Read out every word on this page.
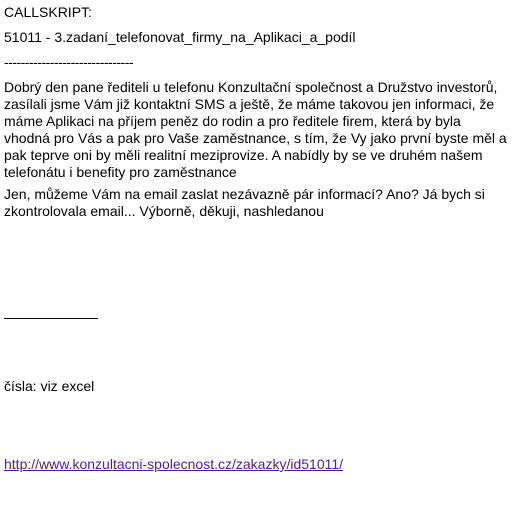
CALLSKRIPT:
51011 - 3.zadaní_telefonovat_firmy_na_Aplikaci_a_podíl
-------------------------------
Dobrý den pane řediteli u telefonu Konzultační společnost a Družstvo investorů, zasílali jsme Vám již kontaktní SMS a ještě, že máme takovou jen informaci, že máme Aplikaci na příjem peněz do rodin a pro ředitele firem, která by byla vhodná pro Vás a pak pro Vaše zaměstnance, s tím, že Vy jako první byste měl a pak teprve oni by měli realitní meziprovize. A nabídly by se ve druhém našem telefonátu i benefity pro zaměstnance
Jen, můžeme Vám na email zaslat nezávazně pár informací? Ano? Já bych si zkontrolovala email... Výborně, děkuji, nashledanou
čísla: viz excel
http://www.konzultacni-spolecnost.cz/zakazky/id51011/
